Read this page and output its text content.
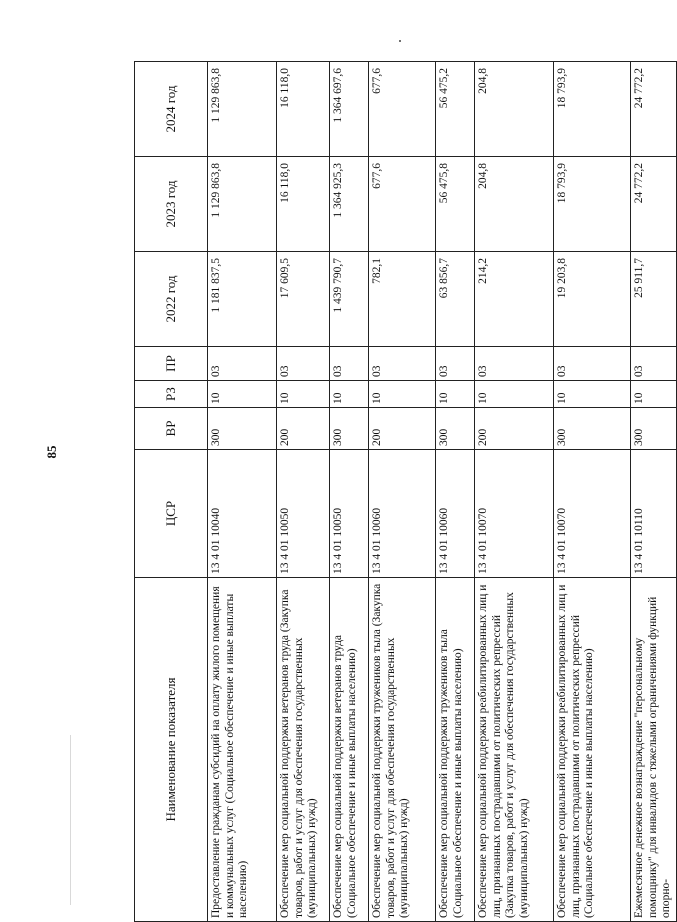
85
Наименование показателя	ЦСР	ВР	РЗ	ПР	2022 год	2023 год	2024 год
Предоставление гражданам субсидий на оплату жилого помещения и коммунальных услуг (Социальное обеспечение и иные выплаты населению)	13 4 01 10040	300	10	03	1 181 837,5	1 129 863,8	1 129 863,8
Обеспечение мер социальной поддержки ветеранов труда (Закупка товаров, работ и услуг для обеспечения государственных (муниципальных) нужд)	13 4 01 10050	200	10	03	17 609,5	16 118,0	16 118,0
Обеспечение мер социальной поддержки ветеранов труда (Социальное обеспечение и иные выплаты населению)	13 4 01 10050	300	10	03	1 439 790,7	1 364 925,3	1 364 697,6
Обеспечение мер социальной поддержки тружеников тыла (Закупка товаров, работ и услуг для обеспечения государственных (муниципальных) нужд)	13 4 01 10060	200	10	03	782,1	677,6	677,6
Обеспечение мер социальной поддержки тружеников тыла (Социальное обеспечение и иные выплаты населению)	13 4 01 10060	300	10	03	63 856,7	56 475,8	56 475,2
Обеспечение мер социальной поддержки реабилитированных лиц и лиц, признанных пострадавшими от политических репрессий (Закупка товаров, работ и услуг для обеспечения государственных (муниципальных) нужд)	13 4 01 10070	200	10	03	214,2	204,8	204,8
Обеспечение мер социальной поддержки реабилитированных лиц и лиц, признанных пострадавшими от политических репрессий (Социальное обеспечение и иные выплаты населению)	13 4 01 10070	300	10	03	19 203,8	18 793,9	18 793,9
Ежемесячное денежное вознаграждение "персональному помощнику" для инвалидов с тяжелыми ограничениями функций опорно-	13 4 01 10110	300	10	03	25 911,7	24 772,2	24 772,2
